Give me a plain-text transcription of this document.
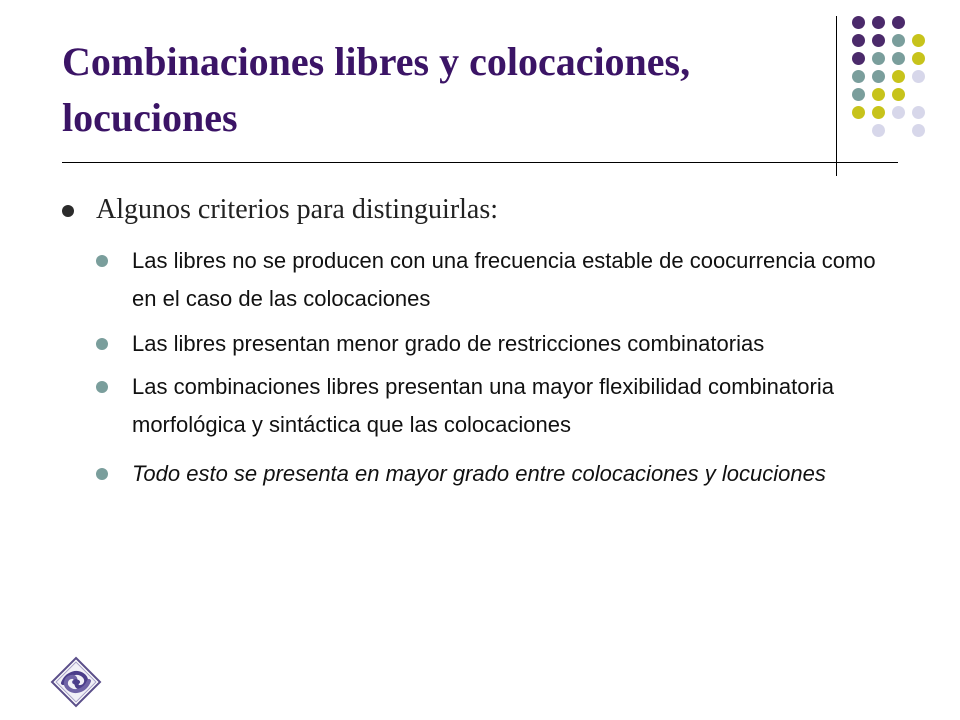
Combinaciones libres y colocaciones,
locuciones
Algunos criterios para distinguirlas:
Las libres no se producen con una frecuencia estable de coocurrencia como en el caso de las colocaciones
Las libres presentan menor grado de restricciones combinatorias
Las combinaciones libres presentan una mayor flexibilidad combinatoria morfológica y sintáctica que las colocaciones
Todo esto se presenta en mayor grado entre colocaciones y locuciones
